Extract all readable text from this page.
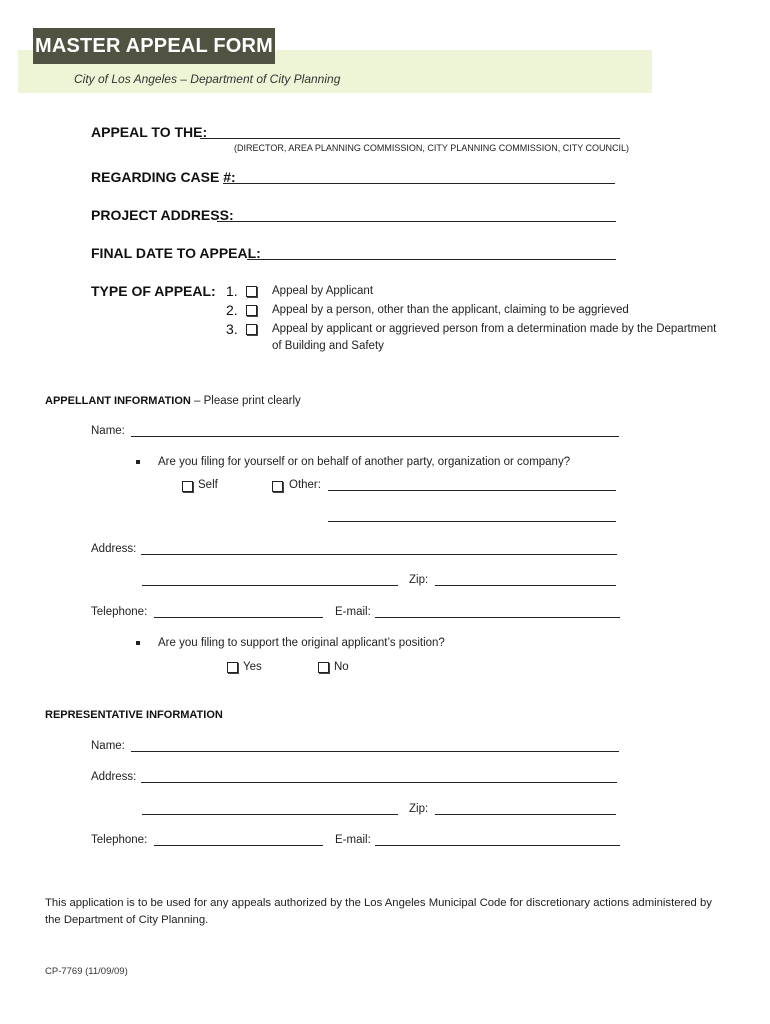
MASTER APPEAL FORM
City of Los Angeles – Department of City Planning
APPEAL TO THE:
(DIRECTOR, AREA PLANNING COMMISSION, CITY PLANNING COMMISSION, CITY COUNCIL)
REGARDING CASE #:
PROJECT ADDRESS:
FINAL DATE TO APPEAL:
TYPE OF APPEAL: 1.	Appeal by Applicant
2.	Appeal by a person, other than the applicant, claiming to be aggrieved
3.	Appeal by applicant or aggrieved person from a determination made by the Department
of Building and Safety
APPELLANT INFORMATION – Please print clearly
Name:
Are you filing for yourself or on behalf of another party, organization or company?
Self	Other:
Address:
Zip:
Telephone:	E-mail:
Are you filing to support the original applicant’s position?
Yes	No
REPRESENTATIVE INFORMATION
Name:
Address:
Zip:
Telephone:	E-mail:
This application is to be used for any appeals authorized by the Los Angeles Municipal Code for discretionary actions administered by
the Department of City Planning.
CP-7769 (11/09/09)
